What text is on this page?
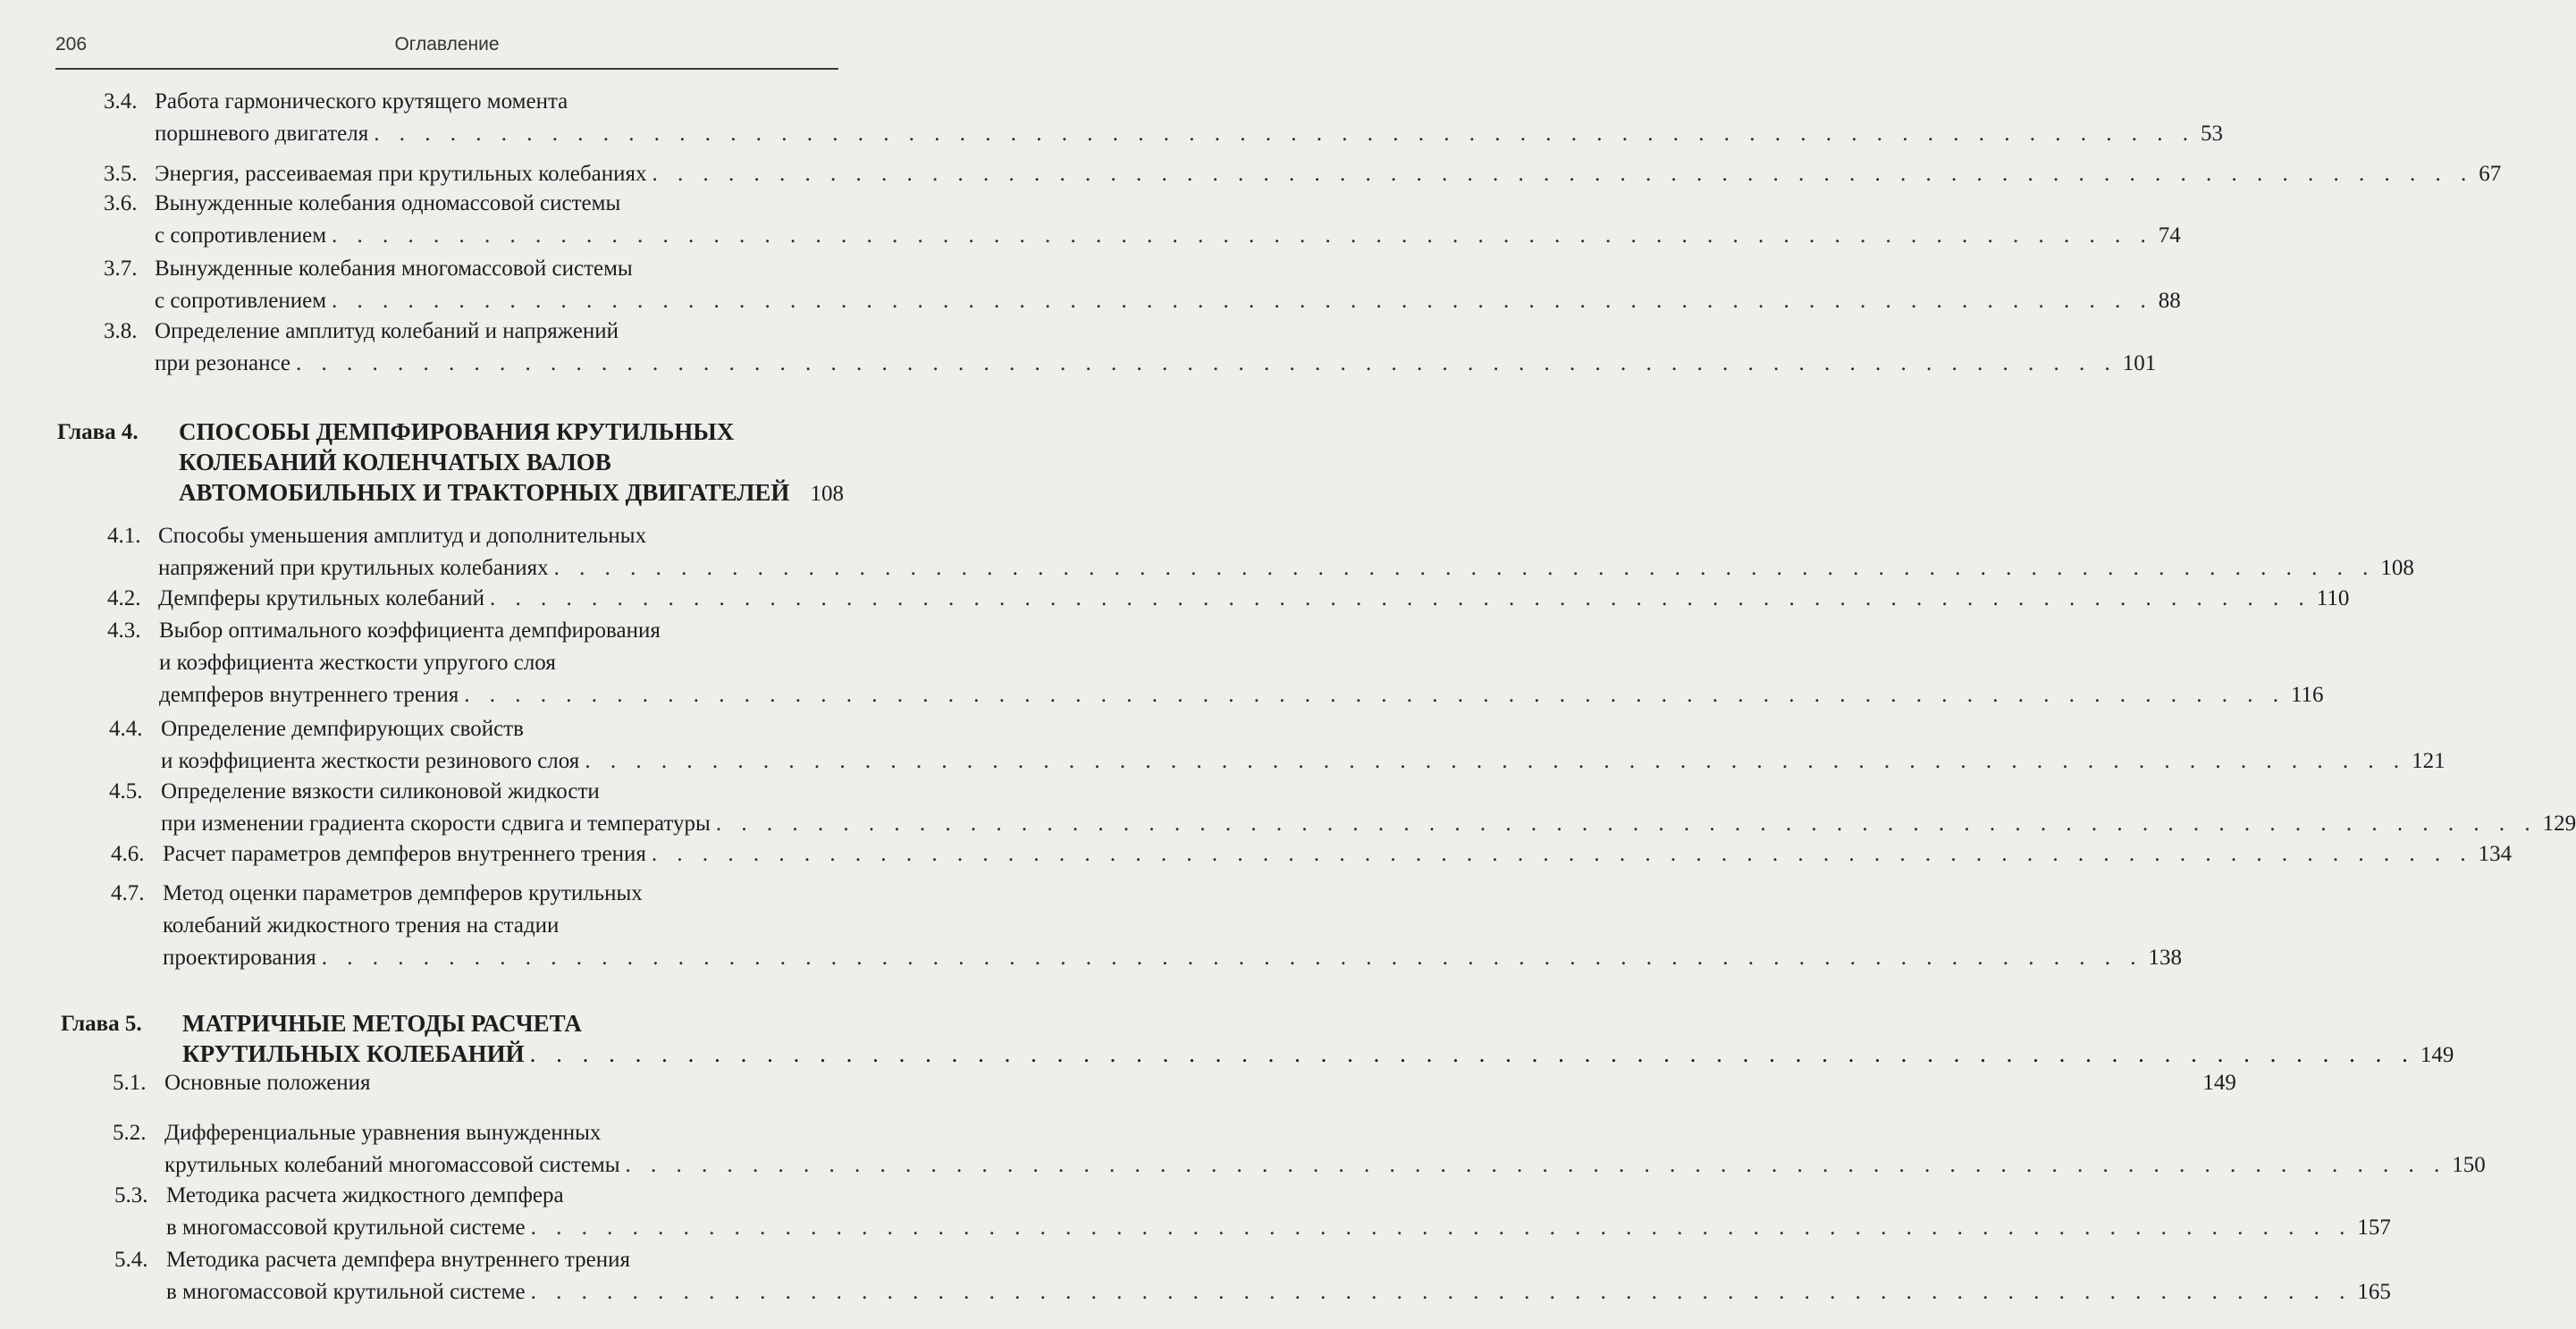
206	Оглавление
3.4. Работа гармонического крутящего момента
поршневого двигателя . . . . . . . . . . . . . . . . . . . . . . . . . . . . . . . . . . . . . . . . . . . . . . . . . . . . . . . . . . . . . . . . . . . . . . . . 53
3.5. Энергия, рассеиваемая при крутильных колебаниях . . . . . . . . . . . . . . . . . . . . . . . . . . . . . . . . . . . . . . . . . . . . . . . . . . . . . . . . . . . . . . . . . . . . . . . . 67
3.6. Вынужденные колебания одномассовой системы
с сопротивлением . . . . . . . . . . . . . . . . . . . . . . . . . . . . . . . . . . . . . . . . . . . . . . . . . . . . . . . . . . . . . . . . . . . . . . . . 74
3.7. Вынужденные колебания многомассовой системы
с сопротивлением . . . . . . . . . . . . . . . . . . . . . . . . . . . . . . . . . . . . . . . . . . . . . . . . . . . . . . . . . . . . . . . . . . . . . . . . 88
3.8. Определение амплитуд колебаний и напряжений
при резонансе . . . . . . . . . . . . . . . . . . . . . . . . . . . . . . . . . . . . . . . . . . . . . . . . . . . . . . . . . . . . . . . . . . . . . . . . 101
Глава 4. СПОСОБЫ ДЕМПФИРОВАНИЯ КРУТИЛЬНЫХ
КОЛЕБАНИЙ КОЛЕНЧАТЫХ ВАЛОВ
АВТОМОБИЛЬНЫХ И ТРАКТОРНЫХ ДВИГАТЕЛЕЙ 108
4.1. Способы уменьшения амплитуд и дополнительных
напряжений при крутильных колебаниях . . . . . . . . . . . . . . . . . . . . . . . . . . . . . . . . . . . . . . . . . . . . . . . . . . . . . . . . . . . . . . . . . . . . . . . . 108
4.2. Демпферы крутильных колебаний . . . . . . . . . . . . . . . . . . . . . . . . . . . . . . . . . . . . . . . . . . . . . . . . . . . . . . . . . . . . . . . . . . . . . . . . 110
4.3. Выбор оптимального коэффициента демпфирования
и коэффициента жесткости упругого слоя
демпферов внутреннего трения . . . . . . . . . . . . . . . . . . . . . . . . . . . . . . . . . . . . . . . . . . . . . . . . . . . . . . . . . . . . . . . . . . . . . . . . 116
4.4. Определение демпфирующих свойств
и коэффициента жесткости резинового слоя . . . . . . . . . . . . . . . . . . . . . . . . . . . . . . . . . . . . . . . . . . . . . . . . . . . . . . . . . . . . . . . . . . . . . . . . 121
4.5. Определение вязкости силиконовой жидкости
при изменении градиента скорости сдвига и температуры . . . . . . . . . . . . . . . . . . . . . . . . . . . . . . . . . . . . . . . . . . . . . . . . . . . . . . . . . . . . . . . . . . . . . . . . 129
4.6. Расчет параметров демпферов внутреннего трения . . . . . . . . . . . . . . . . . . . . . . . . . . . . . . . . . . . . . . . . . . . . . . . . . . . . . . . . . . . . . . . . . . . . . . . . 134
4.7. Метод оценки параметров демпферов крутильных
колебаний жидкостного трения на стадии
проектирования . . . . . . . . . . . . . . . . . . . . . . . . . . . . . . . . . . . . . . . . . . . . . . . . . . . . . . . . . . . . . . . . . . . . . . . . 138
Глава 5. МАТРИЧНЫЕ МЕТОДЫ РАСЧЕТА
КРУТИЛЬНЫХ КОЛЕБАНИЙ . . . . . . . . . . . . . . . . . . . . . . . . . . . . . . . . . . . . . . . . . . . . . . . . . . . . . . . . . . . . . . . . . . . . . . . . 149
5.1. Основные положения	149
5.2. Дифференциальные уравнения вынужденных
крутильных колебаний многомассовой системы . . . . . . . . . . . . . . . . . . . . . . . . . . . . . . . . . . . . . . . . . . . . . . . . . . . . . . . . . . . . . . . . . . . . . . . . 150
5.3. Методика расчета жидкостного демпфера
в многомассовой крутильной системе . . . . . . . . . . . . . . . . . . . . . . . . . . . . . . . . . . . . . . . . . . . . . . . . . . . . . . . . . . . . . . . . . . . . . . . . 157
5.4. Методика расчета демпфера внутреннего трения
в многомассовой крутильной системе . . . . . . . . . . . . . . . . . . . . . . . . . . . . . . . . . . . . . . . . . . . . . . . . . . . . . . . . . . . . . . . . . . . . . . . . 165
